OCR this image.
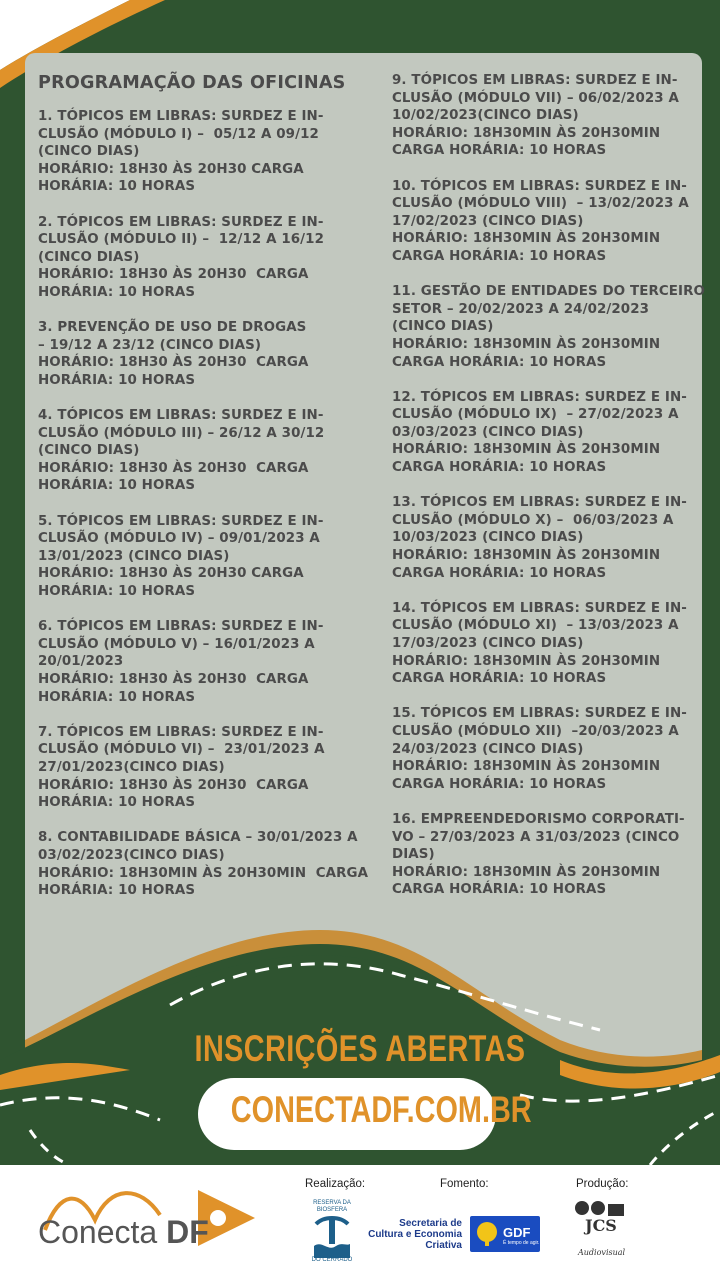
PROGRAMAÇÃO DAS OFICINAS
1. TÓPICOS EM LIBRAS: SURDEZ E IN-
CLUSÃO (MÓDULO I) –  05/12 A 09/12
(CINCO DIAS)
HORÁRIO: 18H30 ÀS 20H30 CARGA
HORÁRIA: 10 HORAS
2. TÓPICOS EM LIBRAS: SURDEZ E IN-
CLUSÃO (MÓDULO II) –  12/12 A 16/12
(CINCO DIAS)
HORÁRIO: 18H30 ÀS 20H30  CARGA
HORÁRIA: 10 HORAS
3. PREVENÇÃO DE USO DE DROGAS
– 19/12 A 23/12 (CINCO DIAS)
HORÁRIO: 18H30 ÀS 20H30  CARGA
HORÁRIA: 10 HORAS
4. TÓPICOS EM LIBRAS: SURDEZ E IN-
CLUSÃO (MÓDULO III) – 26/12 A 30/12
(CINCO DIAS)
HORÁRIO: 18H30 ÀS 20H30  CARGA
HORÁRIA: 10 HORAS
5. TÓPICOS EM LIBRAS: SURDEZ E IN-
CLUSÃO (MÓDULO IV) – 09/01/2023 A
13/01/2023 (CINCO DIAS)
HORÁRIO: 18H30 ÀS 20H30 CARGA
HORÁRIA: 10 HORAS
6. TÓPICOS EM LIBRAS: SURDEZ E IN-
CLUSÃO (MÓDULO V) – 16/01/2023 A
20/01/2023
HORÁRIO: 18H30 ÀS 20H30  CARGA
HORÁRIA: 10 HORAS
7. TÓPICOS EM LIBRAS: SURDEZ E IN-
CLUSÃO (MÓDULO VI) –  23/01/2023 A
27/01/2023(CINCO DIAS)
HORÁRIO: 18H30 ÀS 20H30  CARGA
HORÁRIA: 10 HORAS
8. CONTABILIDADE BÁSICA – 30/01/2023 A
03/02/2023(CINCO DIAS)
HORÁRIO: 18H30MIN ÀS 20H30MIN  CARGA
HORÁRIA: 10 HORAS
9. TÓPICOS EM LIBRAS: SURDEZ E IN-
CLUSÃO (MÓDULO VII) – 06/02/2023 A
10/02/2023(CINCO DIAS)
HORÁRIO: 18H30MIN ÀS 20H30MIN
CARGA HORÁRIA: 10 HORAS
10. TÓPICOS EM LIBRAS: SURDEZ E IN-
CLUSÃO (MÓDULO VIII)  – 13/02/2023 A
17/02/2023 (CINCO DIAS)
HORÁRIO: 18H30MIN ÀS 20H30MIN
CARGA HORÁRIA: 10 HORAS
11. GESTÃO DE ENTIDADES DO TERCEIRO
SETOR – 20/02/2023 A 24/02/2023
(CINCO DIAS)
HORÁRIO: 18H30MIN ÀS 20H30MIN
CARGA HORÁRIA: 10 HORAS
12. TÓPICOS EM LIBRAS: SURDEZ E IN-
CLUSÃO (MÓDULO IX)  – 27/02/2023 A
03/03/2023 (CINCO DIAS)
HORÁRIO: 18H30MIN ÀS 20H30MIN
CARGA HORÁRIA: 10 HORAS
13. TÓPICOS EM LIBRAS: SURDEZ E IN-
CLUSÃO (MÓDULO X) –  06/03/2023 A
10/03/2023 (CINCO DIAS)
HORÁRIO: 18H30MIN ÀS 20H30MIN
CARGA HORÁRIA: 10 HORAS
14. TÓPICOS EM LIBRAS: SURDEZ E IN-
CLUSÃO (MÓDULO XI)  – 13/03/2023 A
17/03/2023 (CINCO DIAS)
HORÁRIO: 18H30MIN ÀS 20H30MIN
CARGA HORÁRIA: 10 HORAS
15. TÓPICOS EM LIBRAS: SURDEZ E IN-
CLUSÃO (MÓDULO XII)  –20/03/2023 A
24/03/2023 (CINCO DIAS)
HORÁRIO: 18H30MIN ÀS 20H30MIN
CARGA HORÁRIA: 10 HORAS
16. EMPREENDEDORISMO CORPORATI-
VO – 27/03/2023 A 31/03/2023 (CINCO
DIAS)
HORÁRIO: 18H30MIN ÀS 20H30MIN
CARGA HORÁRIA: 10 HORAS
INSCRIÇÕES ABERTAS
CONECTADF.COM.BR
Conecta DF
Realização:	Fomento:	Produção:
RESERVA DA BIOSFERA
DO CERRADO
Secretaria de Cultura e Economia Criativa
GDF
É tempo de agir.
JCS
Audiovisual
